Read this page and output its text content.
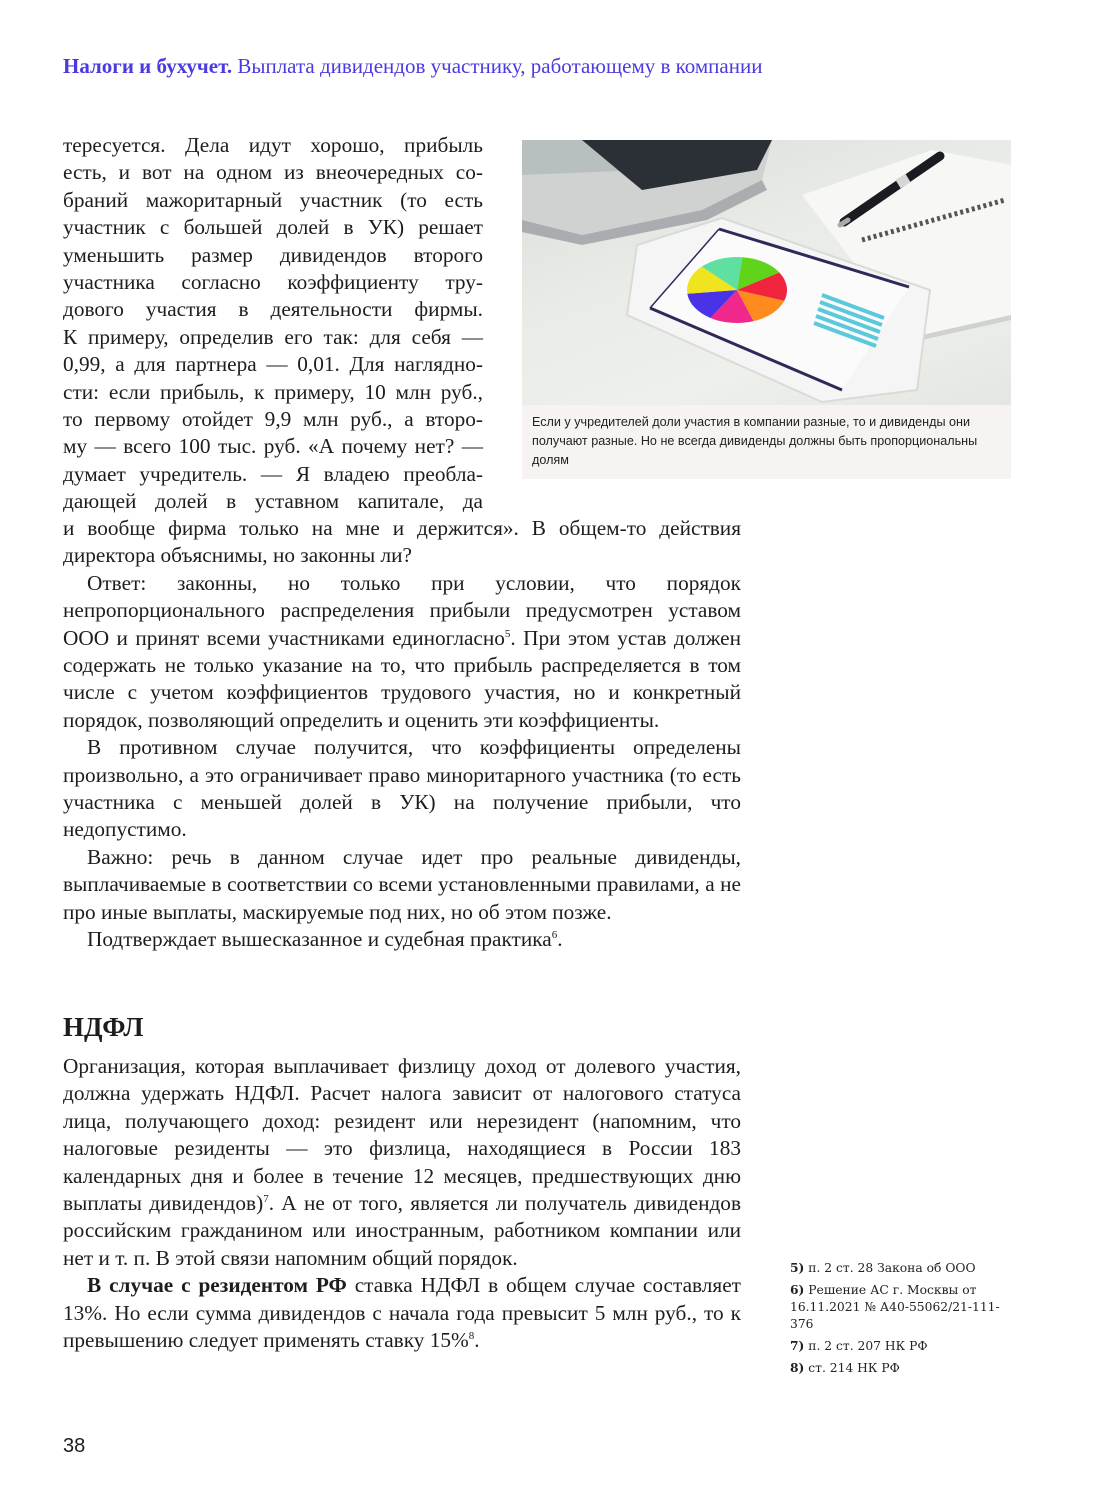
Налоги и бухучет. Выплата дивидендов участнику, работающему в компании
тересуется. Дела идут хорошо, прибыль
есть, и вот на одном из внеочередных со-
браний мажоритарный участник (то есть
участник с большей долей в УК) решает
уменьшить размер дивидендов второго
участника согласно коэффициенту тру-
дового участия в деятельности фирмы.
К примеру, определив его так: для себя —
0,99, а для партнера — 0,01. Для нагляднo-
сти: если прибыль, к примеру, 10 млн руб.,
то первому отойдет 9,9 млн руб., а второ-
му — всего 100 тыс. руб. «А почему нет? —
думает учредитель. — Я владею преобла-
дающей долей в уставном капитале, да
Если у учредителей доли участия в компании разные, то и дивиденды они получают разные. Но не всегда дивиденды должны быть пропорциональны долям

и вообще фирма только на мне и держится». В общем-то действия директора объяснимы, но законны ли?

Ответ: законны, но только при условии, что порядок непропорционального распределения прибыли предусмотрен уставом ООО и принят всеми участниками единогласно$^5$. При этом устав должен содержать не только указание на то, что прибыль распределяется в том числе с учетом коэффициентов трудового участия, но и конкретный порядок, позволяющий определить и оценить эти коэффициенты.

В противном случае получится, что коэффициенты определены произвольно, а это ограничивает право миноритарного участника (то есть участника с меньшей долей в УК) на получение прибыли, что недопустимо.

Важно: речь в данном случае идет про реальные дивиденды, выплачиваемые в соответствии со всеми установленными правилами, а не про иные выплаты, маскируемые под них, но об этом позже.

Подтверждает вышесказанное и судебная практика$^6$.

НДФЛ

Организация, которая выплачивает физлицу доход от долевого участия, должна удержать НДФЛ. Расчет налога зависит от налогового статуса лица, получающего доход: резидент или нерезидент (напомним, что налоговые резиденты — это физлица, находящиеся в России 183 календарных дня и более в течение 12 месяцев, предшествующих дню выплаты дивидендов)$^7$. А не от того, является ли получатель дивидендов российским гражданином или иностранным, работником компании или нет и т. п. В этой связи напомним общий порядок.

В случае с резидентом РФ ставка НДФЛ в общем случае составляет 13%. Но если сумма дивидендов с начала года превысит 5 млн руб., то к превышению следует применять ставку 15%$^8$.

5) п. 2 ст. 28 Закона об ООО
6) Решение АС г. Москвы от 16.11.2021 № А40-55062/21-111-376
7) п. 2 ст. 207 НК РФ
8) ст. 214 НК РФ
38
